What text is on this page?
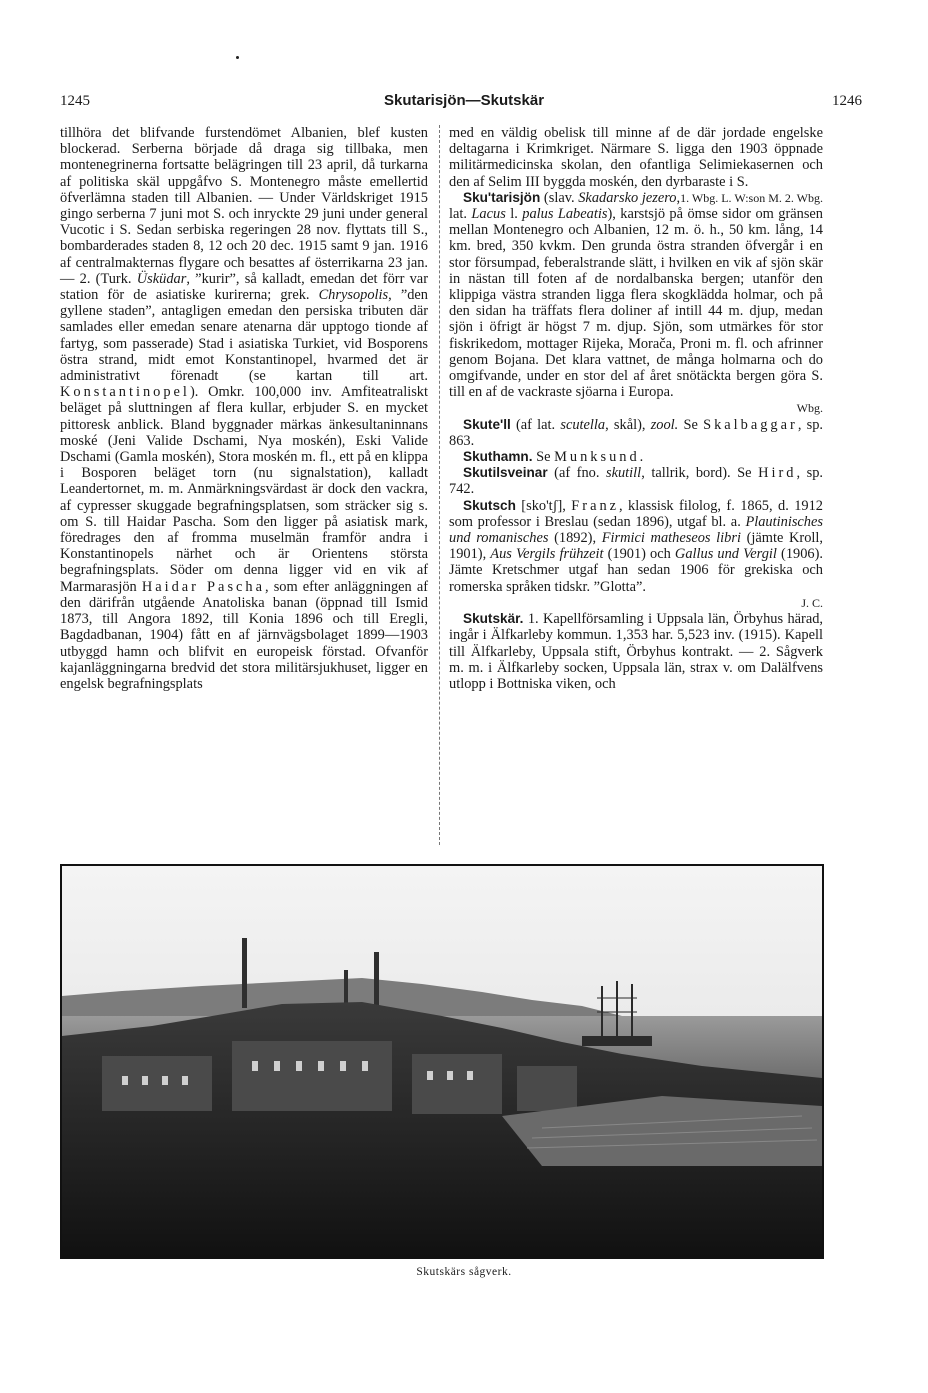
1245	Skutarisjön—Skutskär	1246

tillhöra det blifvande furstendömet Albanien, blef kusten blockerad. Serberna började då draga sig tillbaka, men montenegrinerna fortsatte belägringen till 23 april, då turkarna af politiska skäl uppgåfvo S. Montenegro måste emellertid öfverlämna staden till Albanien. — Under Världskriget 1915 gingo serberna 7 juni mot S. och inryckte 29 juni under general Vucotic i S. Sedan serbiska regeringen 28 nov. flyttats till S., bombarderades staden 8, 12 och 20 dec. 1915 samt 9 jan. 1916 af centralmakternas flygare och besattes af österrikarna 23 jan. — 2. (Turk. Üsküdar, ”kurir”, så kalladt, emedan det förr var station för de asiatiske kurirerna; grek. Chrysopolis, ”den gyllene staden”, antagligen emedan den persiska tributen där samlades eller emedan senare atenarna där upptogo tionde af fartyg, som passerade) Stad i asiatiska Turkiet, vid Bosporens östra strand, midt emot Konstantinopel, hvarmed det är administrativt förenadt (se kartan till art. Konstantinopel). Omkr. 100,000 inv. Amfiteatraliskt beläget på sluttningen af flera kullar, erbjuder S. en mycket pittoresk anblick. Bland byggnader märkas änkesultaninnans moské (Jeni Valide Dschami, Nya moskén), Eski Valide Dschami (Gamla moskén), Stora moskén m. fl., ett på en klippa i Bosporen beläget torn (nu signalstation), kalladt Leandertornet, m. m. Anmärkningsvärdast är dock den vackra, af cypresser skuggade begrafningsplatsen, som sträcker sig s. om S. till Haidar Pascha. Som den ligger på asiatisk mark, föredrages den af fromma muselmän framför andra i Konstantinopels närhet och är Orientens största begrafningsplats. Söder om denna ligger vid en vik af Marmarasjön Haidar Pascha, som efter anläggningen af den därifrån utgående Anatoliska banan (öppnad till Ismid 1873, till Angora 1892, till Konia 1896 och till Eregli, Bagdadbanan, 1904) fått en af järnvägsbolaget 1899—1903 utbyggd hamn och blifvit en europeisk förstad. Ofvanför kajanläggningarna bredvid det stora militärsjukhuset, ligger en engelsk begrafningsplats

med en väldig obelisk till minne af de där jordade engelske deltagarna i Krimkriget. Närmare S. ligga den 1903 öppnade militärmedicinska skolan, den ofantliga Selimiekasernen och den af Selim III byggda moskén, den dyrbaraste i S.
1. Wbg. L. W:son M. 2. Wbg.

Sku'tarisjön (slav. Skadarsko jezero, lat. Lacus l. palus Labeatis), karstsjö på ömse sidor om gränsen mellan Montenegro och Albanien, 12 m. ö. h., 50 km. lång, 14 km. bred, 350 kvkm. Den grunda östra stranden öfvergår i en stor försumpad, feberalstrande slätt, i hvilken en vik af sjön skär in nästan till foten af de nordalbanska bergen; utanför den klippiga västra stranden ligga flera skogklädda holmar, och på den sidan ha träffats flera doliner af intill 44 m. djup, medan sjön i öfrigt är högst 7 m. djup. Sjön, som utmärkes för stor fiskrikedom, mottager Rijeka, Morača, Proni m. fl. och afrinner genom Bojana. Det klara vattnet, de många holmarna och do omgifvande, under en stor del af året snötäckta bergen göra S. till en af de vackraste sjöarna i Europa.
Wbg.

Skute'll (af lat. scutella, skål), zool. Se Skalbaggar, sp. 863.

Skuthamn. Se Munksund.

Skutilsveinar (af fno. skutill, tallrik, bord). Se Hird, sp. 742.

Skutsch [sko'tʃ], Franz, klassisk filolog, f. 1865, d. 1912 som professor i Breslau (sedan 1896), utgaf bl. a. Plautinisches und romanisches (1892), Firmici matheseos libri (jämte Kroll, 1901), Aus Vergils frühzeit (1901) och Gallus und Vergil (1906). Jämte Kretschmer utgaf han sedan 1906 för grekiska och romerska språken tidskr. ”Glotta”.
J. C.

Skutskär. 1. Kapellförsamling i Uppsala län, Örbyhus härad, ingår i Älfkarleby kommun. 1,353 har. 5,523 inv. (1915). Kapell till Älfkarleby, Uppsala stift, Örbyhus kontrakt. — 2. Sågverk m. m. i Älfkarleby socken, Uppsala län, strax v. om Dalälfvens utlopp i Bottniska viken, och

Skutskärs sågverk.
